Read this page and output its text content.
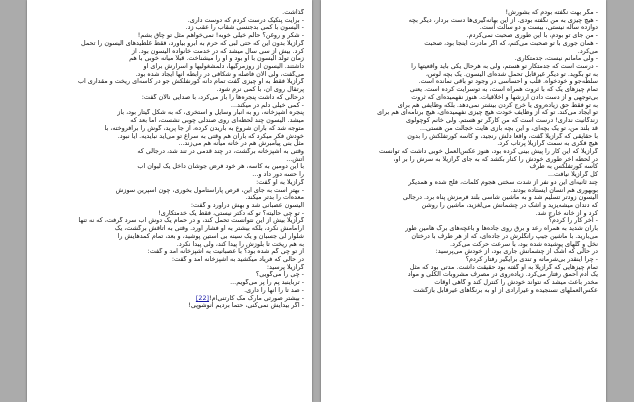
گذاشت.
- برایت پنکیک درست کردم که دوست داری.
- الیسون با کمی بدجنسی شقاب را عقب زد.
- شکر و روغن؟ حالم خیلی خوبه! نمی‌خواهم مثل تو چاق بشم!
گرازیلا بدون این که حتی لبی که حرم به ابرو بیاورد، فقط غلطیدهای الیسون را تحمل
کرد. بیش از سی سال میشد که در خدمت خانواده الیسون بود. از
زمان تولد الیسون با او بود و او را میشناخت. قبلاً میانه خوبی با هم
داشتند. الیسون از روزمرگیها، دلمشغولیها و اسرارش برای او
می‌گفت، ولی الان فاصله و شکافی در رابطه آنها ایجاد شده بود.
گرازیلا فقط به او چیزی گفت تمام دانه کورنفلکش جو در کاسه‌ای ریخت و مقداری آب
پرتقال روی آن، با کمی نرم شود.
درحالی که داشت پنجره‌ها را باز می‌کرد، با صدایی نالان گفت:
- کمی خیلی دلم در میکند...
پنجره آشپزخانه، رو به انبار وسایل و استخری، که به شکل گیتار بود، باز
میشد. الیسون چند لحظه‌ای روی صندلی چوبی نشست، اما بعد که
متوجه شد که باران شروع به باریدن کرده، از جا پرید، گوش را برافروخته، با
خودش فکر میکرد که باران هم وقتی به سراغ تو می‌آید نبایدیه. آیا نبود.
مثل بنی پیامبرش هم در خانه میانه هم می‌زند...
وقتی به آشپزخانه برگشت، در چند قدمی در تند شد، درجالی که
آتش...
با این دومین به کاسه، هر خود فرض جوشان داخل یک لیوان آب
را حسه دور داد و...
گرازیلا به او گفت:
- بهتر است به جای این، قرص پاراستامول بخوری، چون آسپرین سوزش
معده‌ات را بدتر میکند.
الیسون عصبانی شد و بهش درآورد و گفت:
- تو چی حالیته؟ تو که دکتر نیستی، فقط یک خدمتکاری!
گرازیلا بیش از این نتوانست تحمل کند، و در حمام یک دوش آب سرد گرفت، که نه تنها
آرامامش نکرد، بلکه بیشتر به او فشار آورد. وقتی به اتاقش برگشت، یک
شلوار لی جسبان و یک سینه بی آستین پوشید، و بعد، تمام کمدهایش را
به هم ریخت تا بلوزش را پیدا کند، ولی پیدا نکرد.
از تو چی گم شده بود؟ با عصبانیت به آشپزخانه آمد و گفت:
در حالی که فریاد میکشید به آشپزخانه آمد و گفت:
گرازیلا پرسید:
- چی را می‌گویی؟
- ترباینبد پم را پر می‌گویم...
- صد تا را آنها را داری.
- بیشتر صورتی مارک مک کارتنی‌ام![22]
- اگر بیدایش نمی‌کنی، حتما بردیم انوشوپی!
- مگر بهت نگفته بودم که بشورش!
- هیچ چیزی به من نگفته بودی. از این بهانه‌گیری‌ها دست بردار، دیگر بچه
دوازده ساله نیستی، بیست و دو سالت است.
- من جای تو بودم، با این طوری صحبت نمی‌کردم.
- همان جوری با تو صحبت می‌کنم، که اگر مادرت اینجا بود، صحبت
می‌کرد.
- ولی مامانم نیست، جدمتکاری.
- درست است که جدمتکار تو هستم، ولی به هرحال یکی باید واقعیتها را
به تو بگوید. تو دیگر غیرقابل تحمل شده‌ای الیسون. یک بچه لوس،
سلطه‌جو و خودخواه. قلب و احساسی در وجود تو باقی نمانده است.
تمام چیزهای یک که با ثروت همراه است، به توسرایت کرده است. یعنی
بی‌توجهی و از دست دادن ارزشها و اخلاقیات. هنوز نفهمیده‌ای که ثروت
به تو فقط حق زیاده‌روی یا خرج کردن بیشتر نمی‌دهد. بلکه وظایفی هم برای
تو ایجاد می‌کند. تو که از وظایف خودت هیچ چیزی نفهمیده‌ای، هیچ برنامه‌ای هم برای
زندگانیت نداری! درست است که من کارگر تو هستم. ولی خانم کوچولوی
قد بلند من، تو یک بچه‌ای، و این بچه بازی هایت خجالت من هستی...
با حقایقی که گرازیلا گفت، واقعاً دلش رنجید، و کاسه کورتفلکش را بدون
هیچ فکری به سمت گرازیلا پرتاب کرد.
گرازیلا که این کار را پیش بینی کرده بود، هنوز عکس‌العمل خوبی داشت که توانست
در لحظه آخر طوری خودش را کنار بکشد که به جای گرازیلا به سرش را بر او،
کاسه کورتفلکس به طرف
کل گرازیلا نیافت...
چند ثانیه‌ای این دو نفر از شدت سختی هجوم کلمات، فلج شده و همدیگر
بوبهوری هم انسان ایستاده بودند.
الیسون زودتر تسلیم شد و به ماشین شاسی بلند فرمزش پناه برد. درجالی
که دندان میشه‌یزید و اشک در چشمانش می‌لغزید، ماشین را روشن
کرد و از خانه خارج شد.
- آخر کار را کردم؟
باران شدید به همراه رعد و برق روی جاده‌ها و باغچه‌های برگ هامین طور
می‌بارید. با ماشین جیپ رانگلرش در جاده‌ای، که از هر طرف با درختان
نخل و گلهای پوشیده شده بود، با سرعت حرکت می‌کرد.
در حالی که اشک از چشمانش جاری بود، از خودش می‌پرسید:
- چرا اینقدر بی‌شرمانه و تندی برایگیر رفتار کردم؟
تمام چیزهایی که گرازیلا به او گفته بود حقیقت داشت. مدتی بود که مثل
یک آدم احمق رفتار می‌کرد. زیاده‌روی در مصرف مشروبات الکلی و مواد
مخدر باعث میشد که نتواند خودش را کنترل کند و گاهی اوقات
عکس‌العملهای نسنجیده و غیرارادی از او به برنگاهای غیرقابل بازگشت
